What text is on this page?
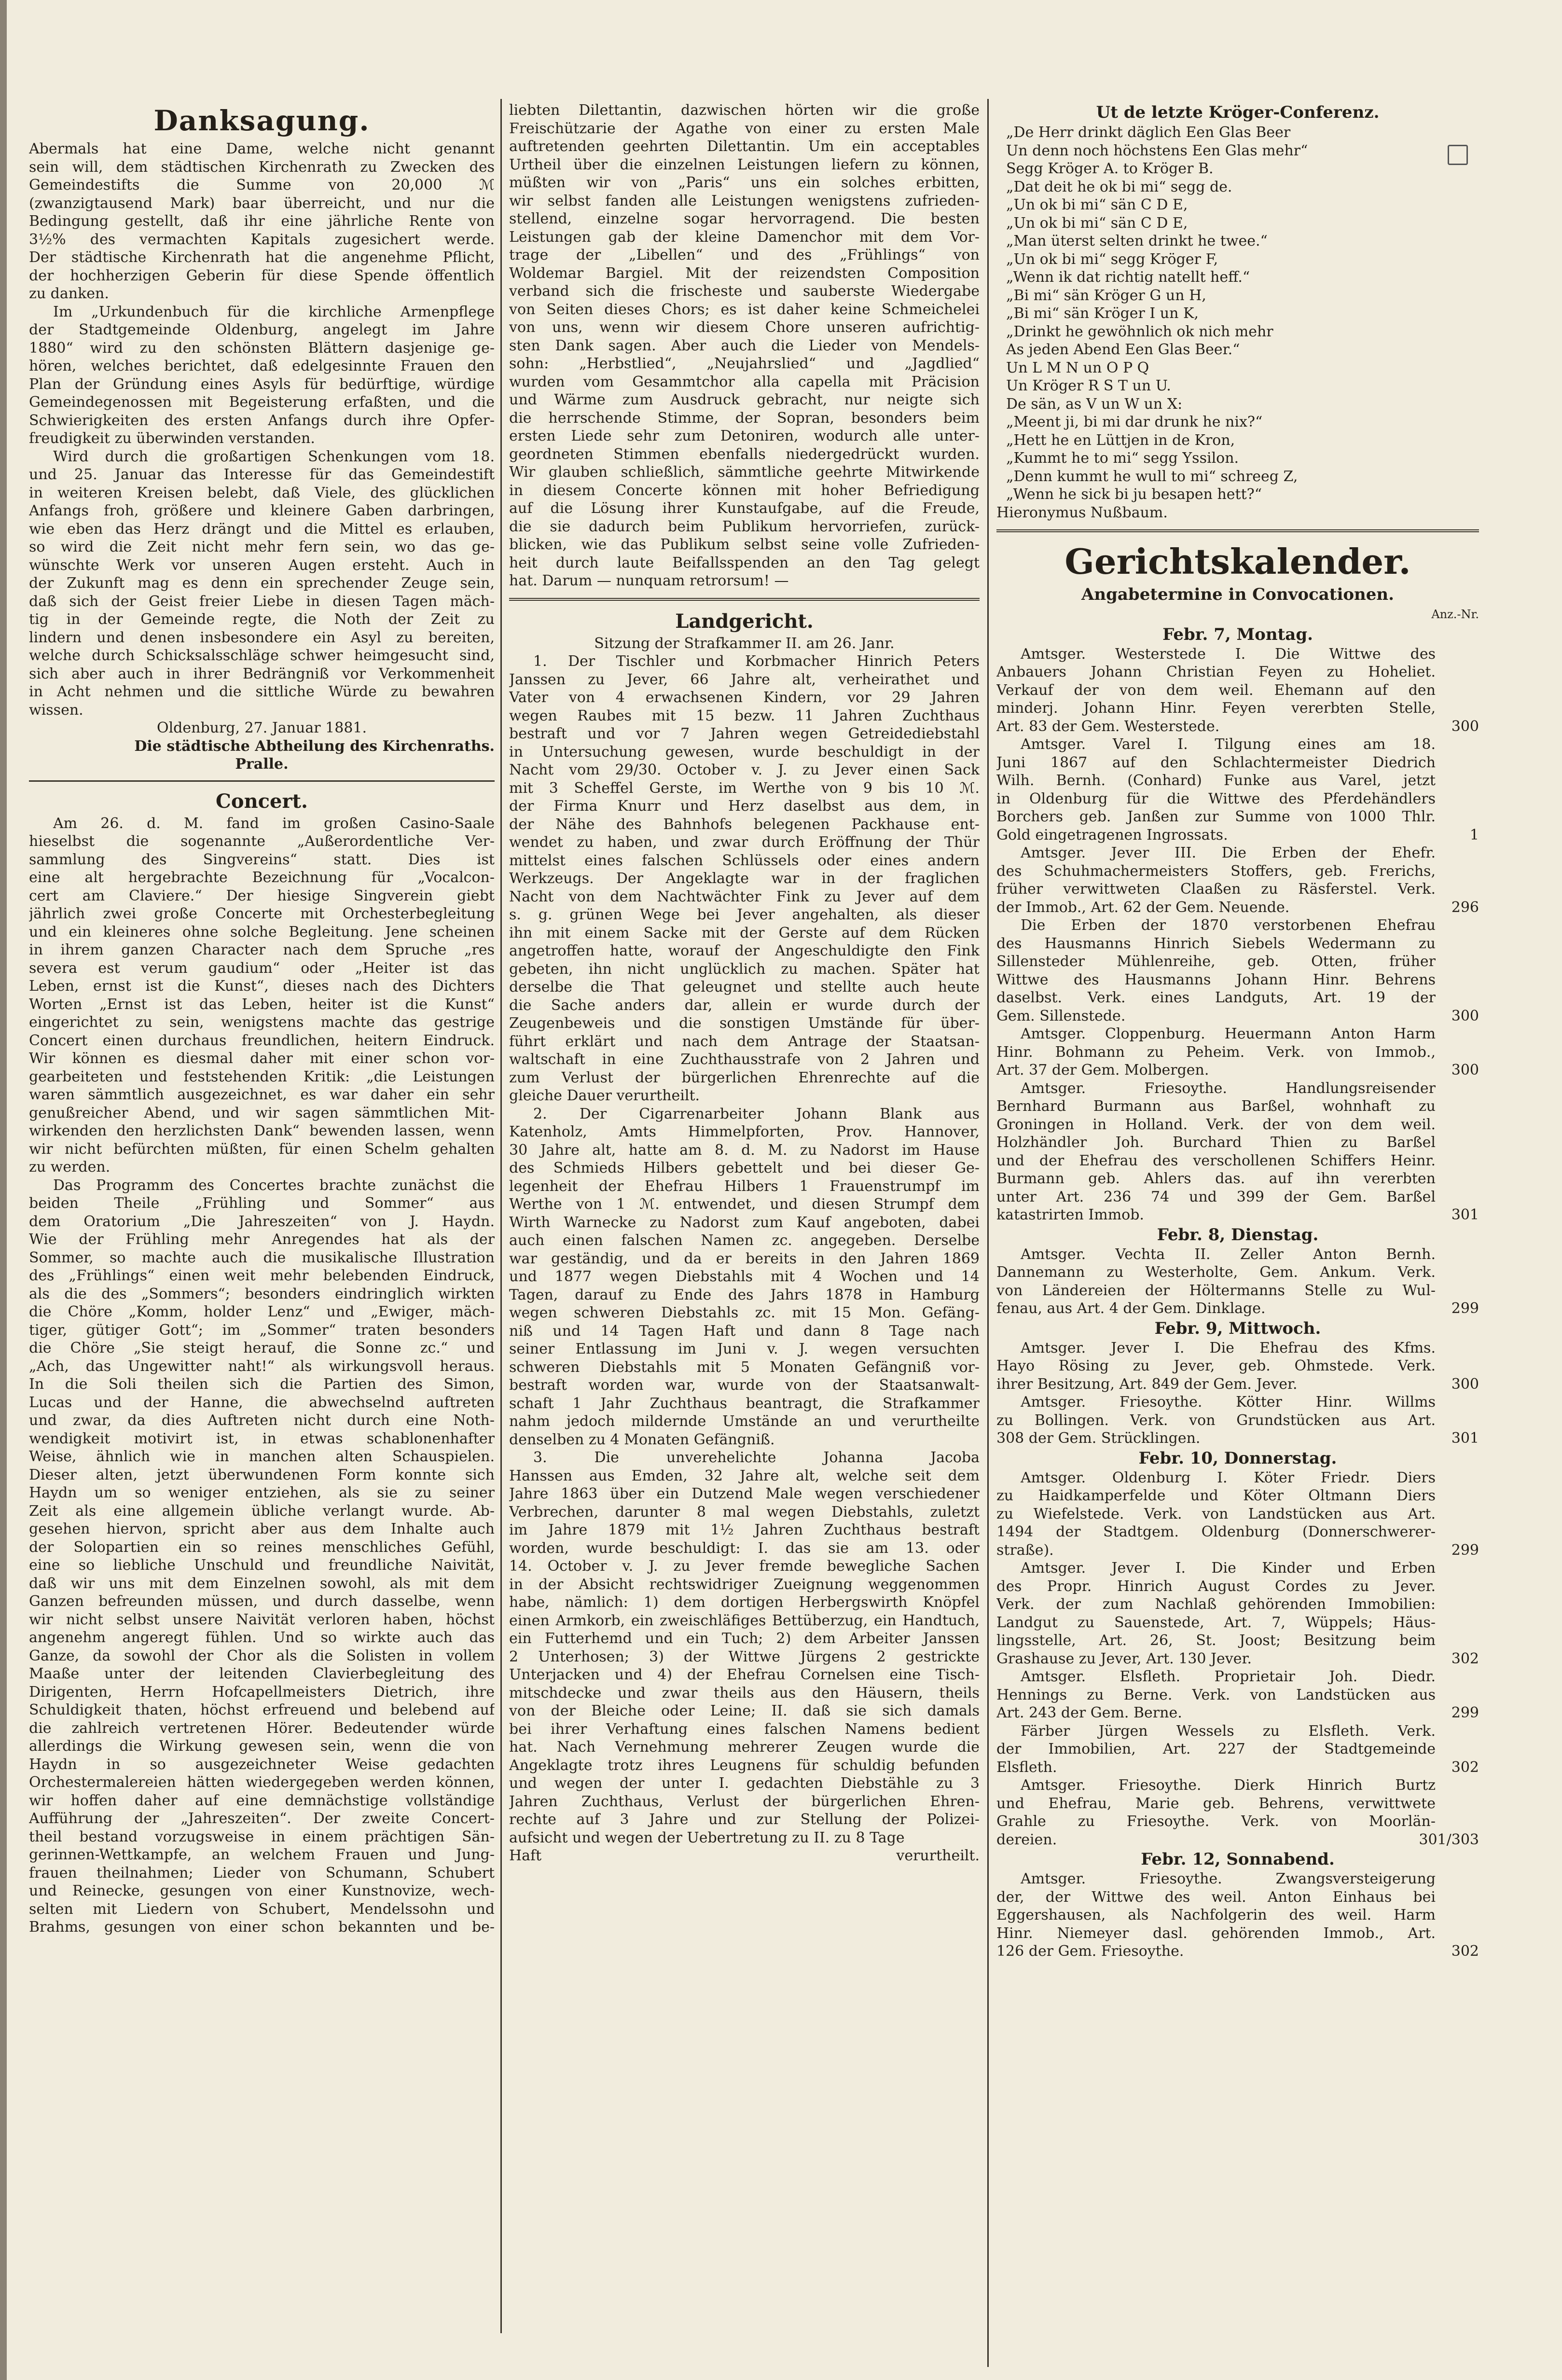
Danksagung.
Abermals hat eine Dame, welche nicht genannt
sein will, dem städtischen Kirchenrath zu Zwecken des
Gemeindestifts die Summe von 20,000 ℳ
(zwanzigtausend Mark) baar überreicht, und nur die
Bedingung gestellt, daß ihr eine jährliche Rente von
3½% des vermachten Kapitals zugesichert werde.
Der städtische Kirchenrath hat die angenehme Pflicht,
der hochherzigen Geberin für diese Spende öffentlich
zu danken.
Im „Urkundenbuch für die kirchliche Armenpflege
der Stadtgemeinde Oldenburg, angelegt im Jahre
1880“ wird zu den schönsten Blättern dasjenige ge-
hören, welches berichtet, daß edelgesinnte Frauen den
Plan der Gründung eines Asyls für bedürftige, würdige
Gemeindegenossen mit Begeisterung erfaßten, und die
Schwierigkeiten des ersten Anfangs durch ihre Opfer-
freudigkeit zu überwinden verstanden.
Wird durch die großartigen Schenkungen vom 18.
und 25. Januar das Interesse für das Gemeindestift
in weiteren Kreisen belebt, daß Viele, des glücklichen
Anfangs froh, größere und kleinere Gaben darbringen,
wie eben das Herz drängt und die Mittel es erlauben,
so wird die Zeit nicht mehr fern sein, wo das ge-
wünschte Werk vor unseren Augen ersteht. Auch in
der Zukunft mag es denn ein sprechender Zeuge sein,
daß sich der Geist freier Liebe in diesen Tagen mäch-
tig in der Gemeinde regte, die Noth der Zeit zu
lindern und denen insbesondere ein Asyl zu bereiten,
welche durch Schicksalsschläge schwer heimgesucht sind,
sich aber auch in ihrer Bedrängniß vor Verkommenheit
in Acht nehmen und die sittliche Würde zu bewahren
wissen.
Oldenburg, 27. Januar 1881.
Die städtische Abtheilung des Kirchenraths.
Pralle.
Concert.
Am 26. d. M. fand im großen Casino-Saale
hieselbst die sogenannte „Außerordentliche Ver-
sammlung des Singvereins“ statt. Dies ist
eine alt hergebrachte Bezeichnung für „Vocalcon-
cert am Claviere.“ Der hiesige Singverein giebt
jährlich zwei große Concerte mit Orchesterbegleitung
und ein kleineres ohne solche Begleitung. Jene scheinen
in ihrem ganzen Character nach dem Spruche „res
severa est verum gaudium“ oder „Heiter ist das
Leben, ernst ist die Kunst“, dieses nach des Dichters
Worten „Ernst ist das Leben, heiter ist die Kunst“
eingerichtet zu sein, wenigstens machte das gestrige
Concert einen durchaus freundlichen, heitern Eindruck.
Wir können es diesmal daher mit einer schon vor-
gearbeiteten und feststehenden Kritik: „die Leistungen
waren sämmtlich ausgezeichnet, es war daher ein sehr
genußreicher Abend, und wir sagen sämmtlichen Mit-
wirkenden den herzlichsten Dank“ bewenden lassen, wenn
wir nicht befürchten müßten, für einen Schelm gehalten
zu werden.
Das Programm des Concertes brachte zunächst die
beiden Theile „Frühling und Sommer“ aus
dem Oratorium „Die Jahreszeiten“ von J. Haydn.
Wie der Frühling mehr Anregendes hat als der
Sommer, so machte auch die musikalische Illustration
des „Frühlings“ einen weit mehr belebenden Eindruck,
als die des „Sommers“; besonders eindringlich wirkten
die Chöre „Komm, holder Lenz“ und „Ewiger, mäch-
tiger, gütiger Gott“; im „Sommer“ traten besonders
die Chöre „Sie steigt herauf, die Sonne zc.“ und
„Ach, das Ungewitter naht!“ als wirkungsvoll heraus.
In die Soli theilen sich die Partien des Simon,
Lucas und der Hanne, die abwechselnd auftreten
und zwar, da dies Auftreten nicht durch eine Noth-
wendigkeit motivirt ist, in etwas schablonenhafter
Weise, ähnlich wie in manchen alten Schauspielen.
Dieser alten, jetzt überwundenen Form konnte sich
Haydn um so weniger entziehen, als sie zu seiner
Zeit als eine allgemein übliche verlangt wurde. Ab-
gesehen hiervon, spricht aber aus dem Inhalte auch
der Solopartien ein so reines menschliches Gefühl,
eine so liebliche Unschuld und freundliche Naivität,
daß wir uns mit dem Einzelnen sowohl, als mit dem
Ganzen befreunden müssen, und durch dasselbe, wenn
wir nicht selbst unsere Naivität verloren haben, höchst
angenehm angeregt fühlen. Und so wirkte auch das
Ganze, da sowohl der Chor als die Solisten in vollem
Maaße unter der leitenden Clavierbegleitung des
Dirigenten, Herrn Hofcapellmeisters Dietrich, ihre
Schuldigkeit thaten, höchst erfreuend und belebend auf
die zahlreich vertretenen Hörer. Bedeutender würde
allerdings die Wirkung gewesen sein, wenn die von
Haydn in so ausgezeichneter Weise gedachten
Orchestermalereien hätten wiedergegeben werden können,
wir hoffen daher auf eine demnächstige vollständige
Aufführung der „Jahreszeiten“. Der zweite Concert-
theil bestand vorzugsweise in einem prächtigen Sän-
gerinnen-Wettkampfe, an welchem Frauen und Jung-
frauen theilnahmen; Lieder von Schumann, Schubert
und Reinecke, gesungen von einer Kunstnovize, wech-
selten mit Liedern von Schubert, Mendelssohn und
Brahms, gesungen von einer schon bekannten und be-
liebten Dilettantin, dazwischen hörten wir die große
Freischützarie der Agathe von einer zu ersten Male
auftretenden geehrten Dilettantin. Um ein acceptables
Urtheil über die einzelnen Leistungen liefern zu können,
müßten wir von „Paris“ uns ein solches erbitten,
wir selbst fanden alle Leistungen wenigstens zufrieden-
stellend, einzelne sogar hervorragend. Die besten
Leistungen gab der kleine Damenchor mit dem Vor-
trage der „Libellen“ und des „Frühlings“ von
Woldemar Bargiel. Mit der reizendsten Composition
verband sich die frischeste und sauberste Wiedergabe
von Seiten dieses Chors; es ist daher keine Schmeichelei
von uns, wenn wir diesem Chore unseren aufrichtig-
sten Dank sagen. Aber auch die Lieder von Mendels-
sohn: „Herbstlied“, „Neujahrslied“ und „Jagdlied“
wurden vom Gesammtchor alla capella mit Präcision
und Wärme zum Ausdruck gebracht, nur neigte sich
die herrschende Stimme, der Sopran, besonders beim
ersten Liede sehr zum Detoniren, wodurch alle unter-
geordneten Stimmen ebenfalls niedergedrückt wurden.
Wir glauben schließlich, sämmtliche geehrte Mitwirkende
in diesem Concerte können mit hoher Befriedigung
auf die Lösung ihrer Kunstaufgabe, auf die Freude,
die sie dadurch beim Publikum hervorriefen, zurück-
blicken, wie das Publikum selbst seine volle Zufrieden-
heit durch laute Beifallsspenden an den Tag gelegt
hat. Darum — nunquam retrorsum! —
Landgericht.
Sitzung der Strafkammer II. am 26. Janr.
1. Der Tischler und Korbmacher Hinrich Peters
Janssen zu Jever, 66 Jahre alt, verheirathet und
Vater von 4 erwachsenen Kindern, vor 29 Jahren
wegen Raubes mit 15 bezw. 11 Jahren Zuchthaus
bestraft und vor 7 Jahren wegen Getreidediebstahl
in Untersuchung gewesen, wurde beschuldigt in der
Nacht vom 29/30. October v. J. zu Jever einen Sack
mit 3 Scheffel Gerste, im Werthe von 9 bis 10 ℳ.
der Firma Knurr und Herz daselbst aus dem, in
der Nähe des Bahnhofs belegenen Packhause ent-
wendet zu haben, und zwar durch Eröffnung der Thür
mittelst eines falschen Schlüssels oder eines andern
Werkzeugs. Der Angeklagte war in der fraglichen
Nacht von dem Nachtwächter Fink zu Jever auf dem
s. g. grünen Wege bei Jever angehalten, als dieser
ihn mit einem Sacke mit der Gerste auf dem Rücken
angetroffen hatte, worauf der Angeschuldigte den Fink
gebeten, ihn nicht unglücklich zu machen. Später hat
derselbe die That geleugnet und stellte auch heute
die Sache anders dar, allein er wurde durch der
Zeugenbeweis und die sonstigen Umstände für über-
führt erklärt und nach dem Antrage der Staatsan-
waltschaft in eine Zuchthausstrafe von 2 Jahren und
zum Verlust der bürgerlichen Ehrenrechte auf die
gleiche Dauer verurtheilt.
2. Der Cigarrenarbeiter Johann Blank aus
Katenholz, Amts Himmelpforten, Prov. Hannover,
30 Jahre alt, hatte am 8. d. M. zu Nadorst im Hause
des Schmieds Hilbers gebettelt und bei dieser Ge-
legenheit der Ehefrau Hilbers 1 Frauenstrumpf im
Werthe von 1 ℳ. entwendet, und diesen Strumpf dem
Wirth Warnecke zu Nadorst zum Kauf angeboten, dabei
auch einen falschen Namen zc. angegeben. Derselbe
war geständig, und da er bereits in den Jahren 1869
und 1877 wegen Diebstahls mit 4 Wochen und 14
Tagen, darauf zu Ende des Jahrs 1878 in Hamburg
wegen schweren Diebstahls zc. mit 15 Mon. Gefäng-
niß und 14 Tagen Haft und dann 8 Tage nach
seiner Entlassung im Juni v. J. wegen versuchten
schweren Diebstahls mit 5 Monaten Gefängniß vor-
bestraft worden war, wurde von der Staatsanwalt-
schaft 1 Jahr Zuchthaus beantragt, die Strafkammer
nahm jedoch mildernde Umstände an und verurtheilte
denselben zu 4 Monaten Gefängniß.
3. Die unverehelichte Johanna Jacoba
Hanssen aus Emden, 32 Jahre alt, welche seit dem
Jahre 1863 über ein Dutzend Male wegen verschiedener
Verbrechen, darunter 8 mal wegen Diebstahls, zuletzt
im Jahre 1879 mit 1½ Jahren Zuchthaus bestraft
worden, wurde beschuldigt: I. das sie am 13. oder
14. October v. J. zu Jever fremde bewegliche Sachen
in der Absicht rechtswidriger Zueignung weggenommen
habe, nämlich: 1) dem dortigen Herbergswirth Knöpfel
einen Armkorb, ein zweischläfiges Bettüberzug, ein Handtuch,
ein Futterhemd und ein Tuch; 2) dem Arbeiter Janssen
2 Unterhosen; 3) der Wittwe Jürgens 2 gestrickte
Unterjacken und 4) der Ehefrau Cornelsen eine Tisch-
mitschdecke und zwar theils aus den Häusern, theils
von der Bleiche oder Leine; II. daß sie sich damals
bei ihrer Verhaftung eines falschen Namens bedient
hat. Nach Vernehmung mehrerer Zeugen wurde die
Angeklagte trotz ihres Leugnens für schuldig befunden
und wegen der unter I. gedachten Diebstähle zu 3
Jahren Zuchthaus, Verlust der bürgerlichen Ehren-
rechte auf 3 Jahre und zur Stellung der Polizei-
aufsicht und wegen der Uebertretung zu II. zu 8 Tage
Haft verurtheilt.
Ut de letzte Kröger-Conferenz.
„De Herr drinkt däglich Een Glas Beer
Un denn noch höchstens Een Glas mehr“
Segg Kröger A. to Kröger B.
„Dat deit he ok bi mi“ segg de.
„Un ok bi mi“ sän C D E,
„Un ok bi mi“ sän C D E,
„Man üterst selten drinkt he twee.“
„Un ok bi mi“ segg Kröger F,
„Wenn ik dat richtig natellt heff.“
„Bi mi“ sän Kröger G un H,
„Bi mi“ sän Kröger I un K,
„Drinkt he gewöhnlich ok nich mehr
As jeden Abend Een Glas Beer.“
Un L M N un O P Q
Un Kröger R S T un U.
De sän, as V un W un X:
„Meent ji, bi mi dar drunk he nix?“
„Hett he en Lüttjen in de Kron,
„Kummt he to mi“ segg Yssilon.
„Denn kummt he wull to mi“ schreeg Z,
„Wenn he sick bi ju besapen hett?“
Hieronymus Nußbaum.
Gerichtskalender.
Angabetermine in Convocationen.
Anz.-Nr.
Febr. 7, Montag.
Amtsger. Westerstede I. Die Wittwe des
Anbauers Johann Christian Feyen zu Hoheliet.
Verkauf der von dem weil. Ehemann auf den
minderj. Johann Hinr. Feyen vererbten Stelle,
Art. 83 der Gem. Westerstede.	300
Amtsger. Varel I. Tilgung eines am 18.
Juni 1867 auf den Schlachtermeister Diedrich
Wilh. Bernh. (Conhard) Funke aus Varel, jetzt
in Oldenburg für die Wittwe des Pferdehändlers
Borchers geb. Janßen zur Summe von 1000 Thlr.
Gold eingetragenen Ingrossats.	1
Amtsger. Jever III. Die Erben der Ehefr.
des Schuhmachermeisters Stoffers, geb. Frerichs,
früher verwittweten Claaßen zu Räsferstel. Verk.
der Immob., Art. 62 der Gem. Neuende.	296
Die Erben der 1870 verstorbenen Ehefrau
des Hausmanns Hinrich Siebels Wedermann zu
Sillensteder Mühlenreihe, geb. Otten, früher
Wittwe des Hausmanns Johann Hinr. Behrens
daselbst. Verk. eines Landguts, Art. 19 der
Gem. Sillenstede.	300
Amtsger. Cloppenburg. Heuermann Anton Harm
Hinr. Bohmann zu Peheim. Verk. von Immob.,
Art. 37 der Gem. Molbergen.	300
Amtsger. Friesoythe. Handlungsreisender
Bernhard Burmann aus Barßel, wohnhaft zu
Groningen in Holland. Verk. der von dem weil.
Holzhändler Joh. Burchard Thien zu Barßel
und der Ehefrau des verschollenen Schiffers Heinr.
Burmann geb. Ahlers das. auf ihn vererbten
unter Art. 236 74 und 399 der Gem. Barßel
katastrirten Immob.	301
Febr. 8, Dienstag.
Amtsger. Vechta II. Zeller Anton Bernh.
Dannemann zu Westerholte, Gem. Ankum. Verk.
von Ländereien der Höltermanns Stelle zu Wul-
fenau, aus Art. 4 der Gem. Dinklage.	299
Febr. 9, Mittwoch.
Amtsger. Jever I. Die Ehefrau des Kfms.
Hayo Rösing zu Jever, geb. Ohmstede. Verk.
ihrer Besitzung, Art. 849 der Gem. Jever.	300
Amtsger. Friesoythe. Kötter Hinr. Willms
zu Bollingen. Verk. von Grundstücken aus Art.
308 der Gem. Strücklingen.	301
Febr. 10, Donnerstag.
Amtsger. Oldenburg I. Köter Friedr. Diers
zu Haidkamperfelde und Köter Oltmann Diers
zu Wiefelstede. Verk. von Landstücken aus Art.
1494 der Stadtgem. Oldenburg (Donnerschwerer-
straße).	299
Amtsger. Jever I. Die Kinder und Erben
des Propr. Hinrich August Cordes zu Jever.
Verk. der zum Nachlaß gehörenden Immobilien:
Landgut zu Sauenstede, Art. 7, Wüppels; Häus-
lingsstelle, Art. 26, St. Joost; Besitzung beim
Grashause zu Jever, Art. 130 Jever.	302
Amtsger. Elsfleth. Proprietair Joh. Diedr.
Hennings zu Berne. Verk. von Landstücken aus
Art. 243 der Gem. Berne.	299
Färber Jürgen Wessels zu Elsfleth. Verk.
der Immobilien, Art. 227 der Stadtgemeinde
Elsfleth.	302
Amtsger. Friesoythe. Dierk Hinrich Burtz
und Ehefrau, Marie geb. Behrens, verwittwete
Grahle zu Friesoythe. Verk. von Moorlän-
dereien.	301/303
Febr. 12, Sonnabend.
Amtsger. Friesoythe. Zwangsversteigerung
der, der Wittwe des weil. Anton Einhaus bei
Eggershausen, als Nachfolgerin des weil. Harm
Hinr. Niemeyer dasl. gehörenden Immob., Art.
126 der Gem. Friesoythe.	302
